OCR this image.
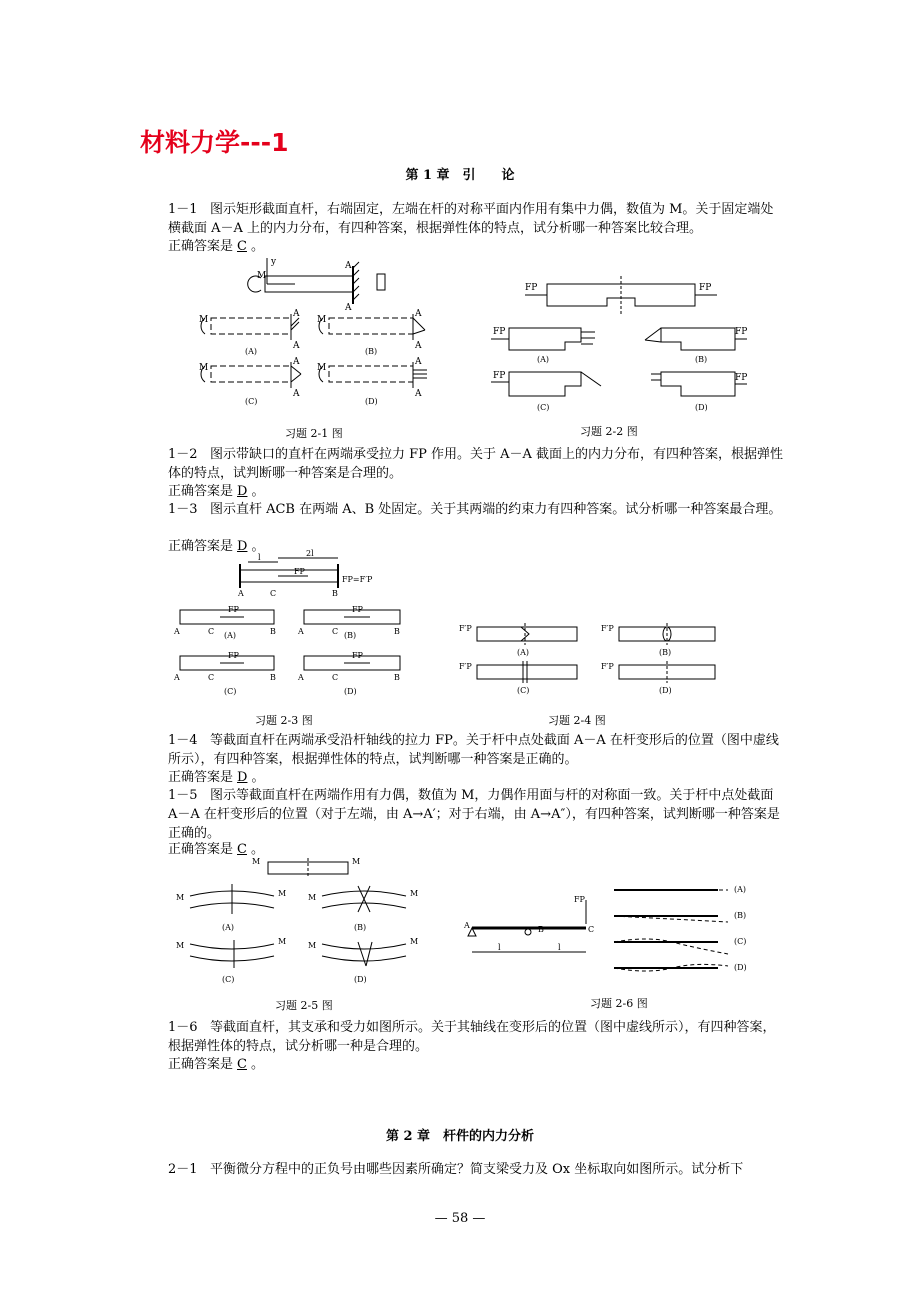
材料力学---1
第 1 章　引　　论
1－1 图示矩形截面直杆，右端固定，左端在杆的对称平面内作用有集中力偶，数值为 M。关于固定端处横截面 A－A 上的内力分布，有四种答案，根据弹性体的特点，试分析哪一种答案比较合理。
正确答案是 C 。
M
y	A
A
M
A
A
M
A
A
M
A
A
M
A
A
(A)	(B)
(C)	(D)
习题 2-1 图
FP	FP
FP	FP
FP	FP
(A)	(B)
(C)	(D)
习题 2-2 图
1－2 图示带缺口的直杆在两端承受拉力 FP 作用。关于 A－A 截面上的内力分布，有四种答案，根据弹性体的特点，试判断哪一种答案是合理的。
正确答案是 D 。
1－3 图示直杆 ACB 在两端 A、B 处固定。关于其两端的约束力有四种答案。试分析哪一种答案最合理。
正确答案是 D 。
A	C	B
l	2l
FP=F′P
FP
A	C	B
FP
A	C	B
FP
A	C	B
FP
A	C	B
FP
(A)	(B)
(C)	(D)
习题 2-3 图
F′P	F′P
F′P	F′P
(A)	(B)
(C)	(D)
习题 2-4 图
1－4 等截面直杆在两端承受沿杆轴线的拉力 FP。关于杆中点处截面 A－A 在杆变形后的位置（图中虚线所示），有四种答案，根据弹性体的特点，试判断哪一种答案是正确的。
正确答案是 D 。
1－5 图示等截面直杆在两端作用有力偶，数值为 M，力偶作用面与杆的对称面一致。关于杆中点处截面 A－A 在杆变形后的位置（对于左端，由 A→A′；对于右端，由 A→A″），有四种答案，试判断哪一种答案是正确的。
正确答案是 C 。
M	M
M	M	M	M
M	M	M	M
(A)	(B)
(C)	(D)
习题 2-5 图
A	B	C
FP
l	l
(A)
(B)
(C)
(D)
习题 2-6 图
1－6 等截面直杆，其支承和受力如图所示。关于其轴线在变形后的位置（图中虚线所示），有四种答案，根据弹性体的特点，试分析哪一种是合理的。
正确答案是 C 。
第 2 章　杆件的内力分析
2－1 平衡微分方程中的正负号由哪些因素所确定？简支梁受力及 Ox 坐标取向如图所示。试分析下
— 58 —
